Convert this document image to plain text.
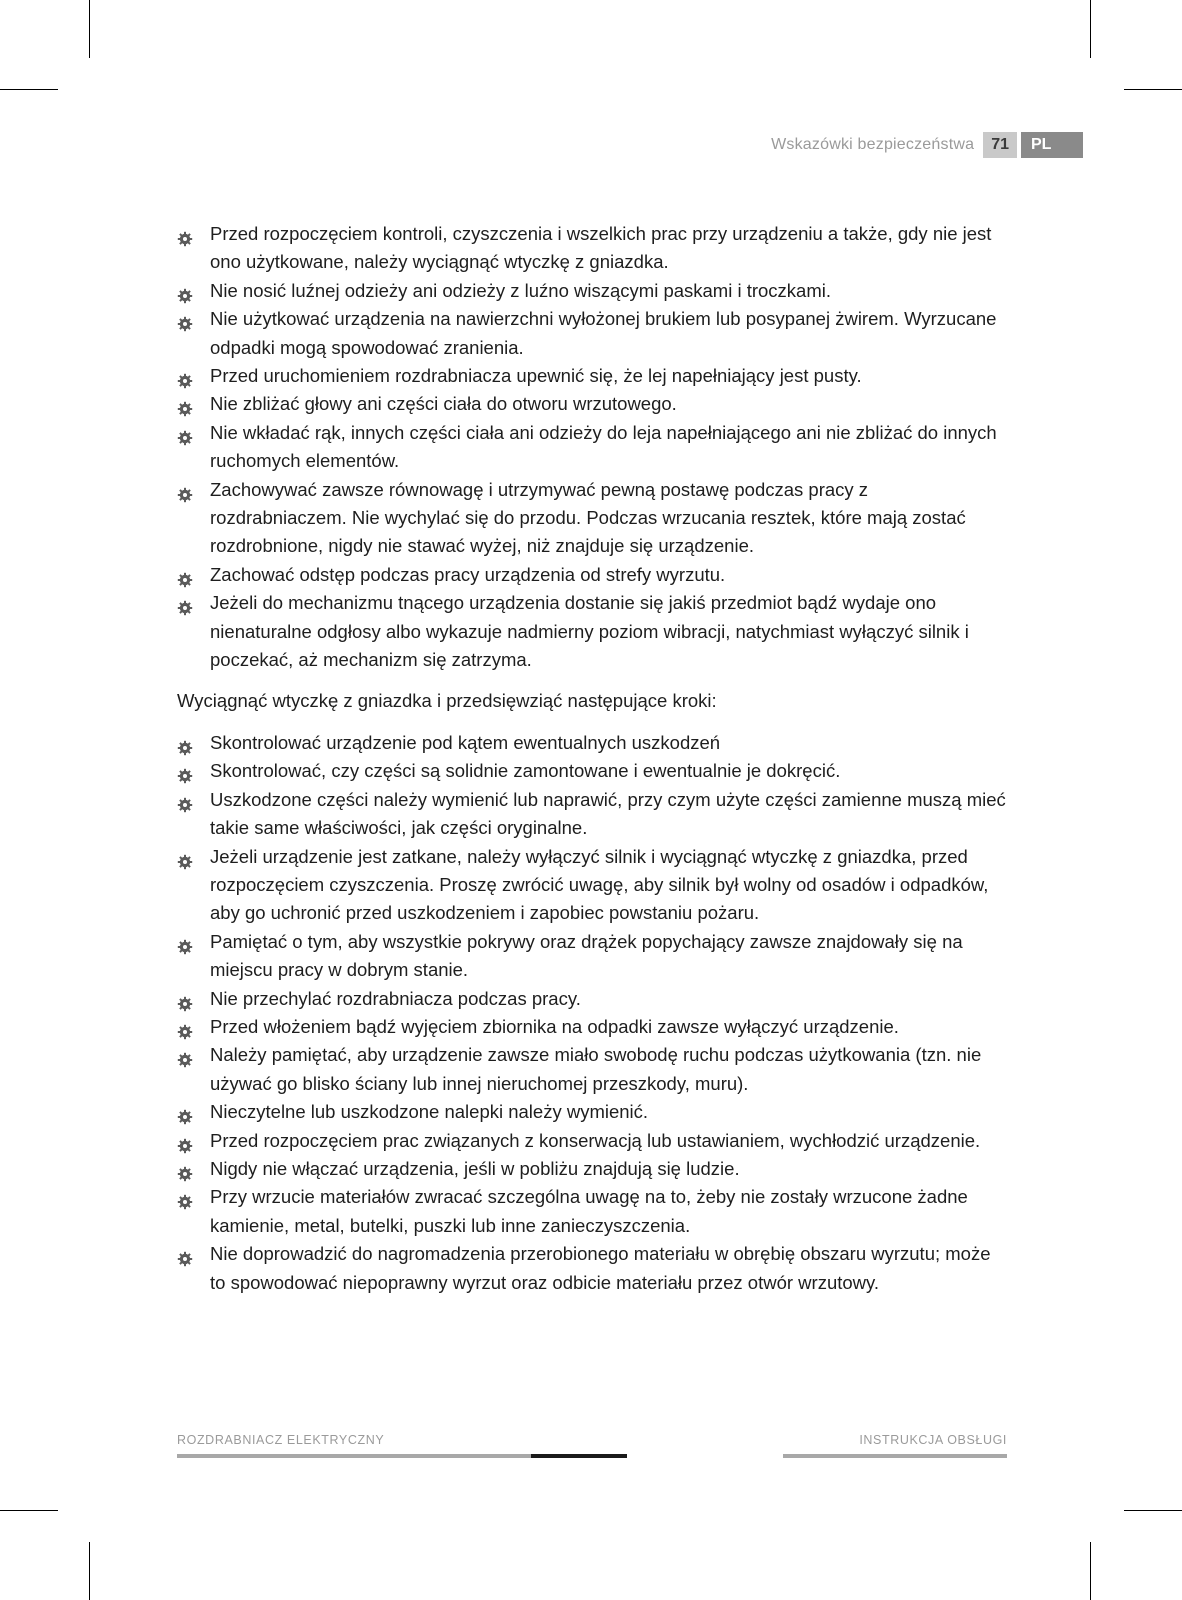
Wskazówki bezpieczeństwa	71	PL
Przed rozpoczęciem kontroli, czyszczenia i wszelkich prac przy urządzeniu a także, gdy nie jest ono użytkowane, należy wyciągnąć wtyczkę z gniazdka.
Nie nosić luźnej odzieży ani odzieży z luźno wiszącymi paskami i troczkami.
Nie użytkować urządzenia na nawierzchni wyłożonej brukiem lub posypanej żwirem. Wyrzucane odpadki mogą spowodować zranienia.
Przed uruchomieniem rozdrabniacza upewnić się, że lej napełniający jest pusty.
Nie zbliżać głowy ani części ciała do otworu wrzutowego.
Nie wkładać rąk, innych części ciała ani odzieży do leja napełniającego ani nie zbliżać do innych ruchomych elementów.
Zachowywać zawsze równowagę i utrzymywać pewną postawę podczas pracy z rozdrabniaczem. Nie wychylać się do przodu. Podczas wrzucania resztek, które mają zostać rozdrobnione, nigdy nie stawać wyżej, niż znajduje się urządzenie.
Zachować odstęp podczas pracy urządzenia od strefy wyrzutu.
Jeżeli do mechanizmu tnącego urządzenia dostanie się jakiś przedmiot bądź wydaje ono nienaturalne odgłosy albo wykazuje nadmierny poziom wibracji, natychmiast wyłączyć silnik i poczekać, aż mechanizm się zatrzyma.

Wyciągnąć wtyczkę z gniazdka i przedsięwziąć następujące kroki:

Skontrolować urządzenie pod kątem ewentualnych uszkodzeń
Skontrolować, czy części są solidnie zamontowane i ewentualnie je dokręcić.
Uszkodzone części należy wymienić lub naprawić, przy czym użyte części zamienne muszą mieć takie same właściwości, jak części oryginalne.
Jeżeli urządzenie jest zatkane, należy wyłączyć silnik i wyciągnąć wtyczkę z gniazdka, przed rozpoczęciem czyszczenia. Proszę zwrócić uwagę, aby silnik był wolny od osadów i odpadków, aby go uchronić przed uszkodzeniem i zapobiec powstaniu pożaru.
Pamiętać o tym, aby wszystkie pokrywy oraz drążek popychający zawsze znajdowały się na miejscu pracy w dobrym stanie.
Nie przechylać rozdrabniacza podczas pracy.
Przed włożeniem bądź wyjęciem zbiornika na odpadki zawsze wyłączyć urządzenie.
Należy pamiętać, aby urządzenie zawsze miało swobodę ruchu podczas użytkowania (tzn. nie używać go blisko ściany lub innej nieruchomej przeszkody, muru).
Nieczytelne lub uszkodzone nalepki należy wymienić.
Przed rozpoczęciem prac związanych z konserwacją lub ustawianiem, wychłodzić urządzenie.
Nigdy nie włączać urządzenia, jeśli w pobliżu znajdują się ludzie.
Przy wrzucie materiałów zwracać szczególna uwagę na to, żeby nie zostały wrzucone żadne kamienie, metal, butelki, puszki lub inne zanieczyszczenia.
Nie doprowadzić do nagromadzenia przerobionego materiału w obrębię obszaru wyrzutu; może to spowodować niepoprawny wyrzut oraz odbicie materiału przez otwór wrzutowy.
ROZDRABNIACZ ELEKTRYCZNY	INSTRUKCJA OBSŁUGI
